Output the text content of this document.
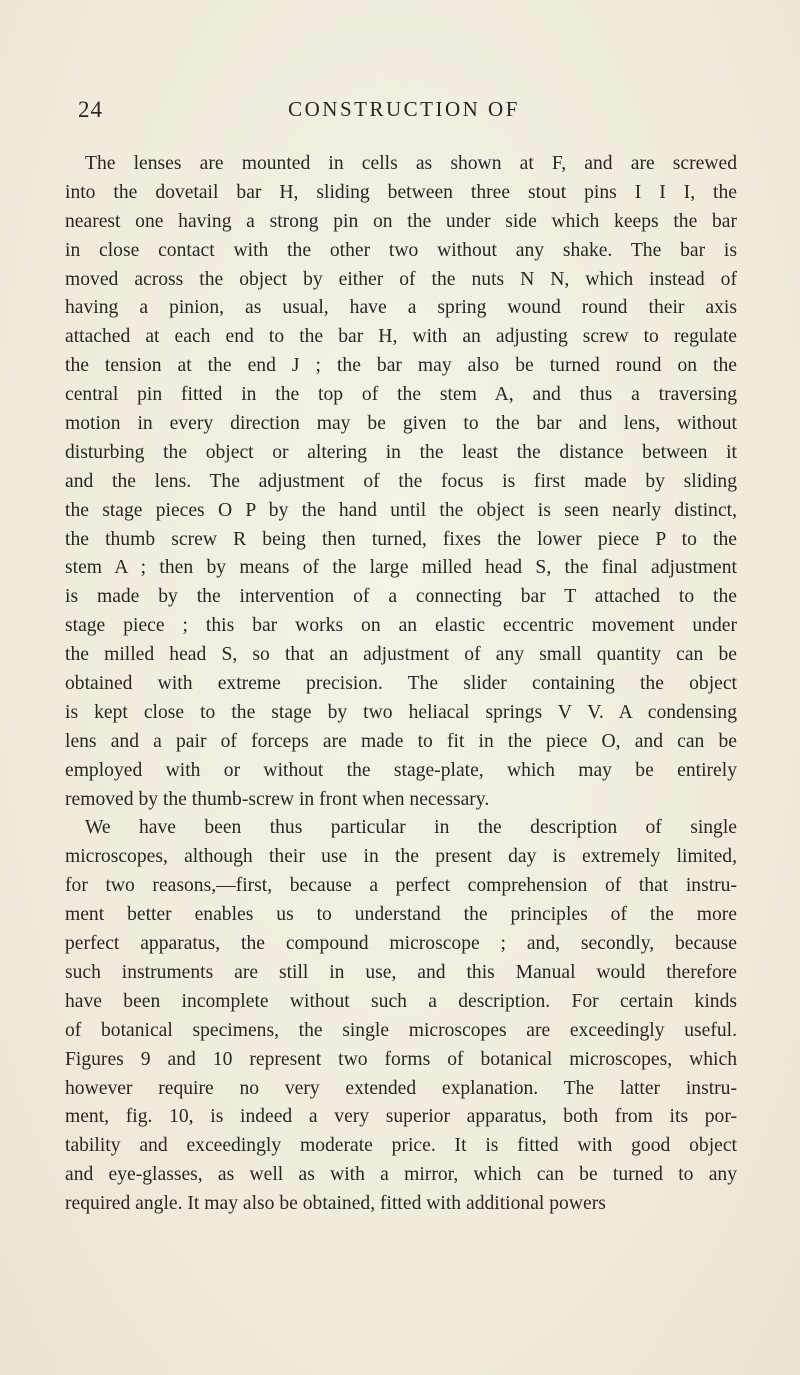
24	CONSTRUCTION OF
The lenses are mounted in cells as shown at F, and are screwed
into the dovetail bar H, sliding between three stout pins I I I, the
nearest one having a strong pin on the under side which keeps the bar
in close contact with the other two without any shake. The bar is
moved across the object by either of the nuts N N, which instead of
having a pinion, as usual, have a spring wound round their axis
attached at each end to the bar H, with an adjusting screw to regulate
the tension at the end J ; the bar may also be turned round on the
central pin fitted in the top of the stem A, and thus a traversing
motion in every direction may be given to the bar and lens, without
disturbing the object or altering in the least the distance between it
and the lens. The adjustment of the focus is first made by sliding
the stage pieces O P by the hand until the object is seen nearly distinct,
the thumb screw R being then turned, fixes the lower piece P to the
stem A ; then by means of the large milled head S, the final adjustment
is made by the intervention of a connecting bar T attached to the
stage piece ; this bar works on an elastic eccentric movement under
the milled head S, so that an adjustment of any small quantity can be
obtained with extreme precision. The slider containing the object
is kept close to the stage by two heliacal springs V V. A condensing
lens and a pair of forceps are made to fit in the piece O, and can be
employed with or without the stage-plate, which may be entirely
removed by the thumb-screw in front when necessary.
We have been thus particular in the description of single
microscopes, although their use in the present day is extremely limited,
for two reasons,—first, because a perfect comprehension of that instru-
ment better enables us to understand the principles of the more
perfect apparatus, the compound microscope ; and, secondly, because
such instruments are still in use, and this Manual would therefore
have been incomplete without such a description. For certain kinds
of botanical specimens, the single microscopes are exceedingly useful.
Figures 9 and 10 represent two forms of botanical microscopes, which
however require no very extended explanation. The latter instru-
ment, fig. 10, is indeed a very superior apparatus, both from its por-
tability and exceedingly moderate price. It is fitted with good object
and eye-glasses, as well as with a mirror, which can be turned to any
required angle. It may also be obtained, fitted with additional powers
